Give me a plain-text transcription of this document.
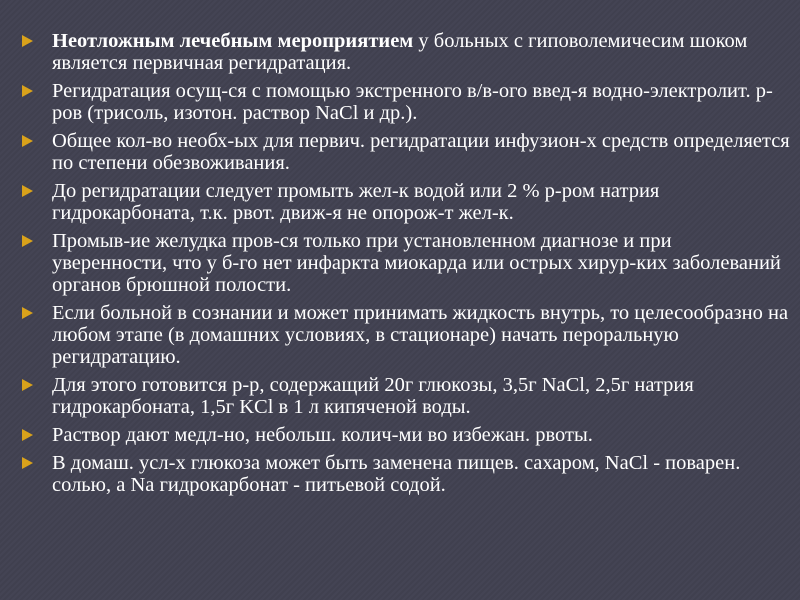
Неотложным лечебным мероприятием у больных с гиповолемичесим шоком является первичная регидратация.
Регидратация осущ-ся с помощью экстренного в/в-ого введ-я водно-электролит. р-ров (трисоль, изотон. раствор NaCl и др.).
Общее кол-во необх-ых для первич. регидратации инфузион-х средств определяется по степени обезвоживания.
До регидратации следует промыть жел-к водой или 2 % р-ром натрия гидрокарбоната, т.к. рвот. движ-я не опорож-т жел-к.
Промыв-ие желудка пров-ся только при установленном диагнозе и при уверенности, что у б-го нет инфаркта миокарда или острых хирур-ких заболеваний органов брюшной полости.
Если больной в сознании и может принимать жидкость внутрь, то целесообразно на любом этапе (в домашних условиях, в стационаре) начать пероральную регидратацию.
Для этого готовится р-р, содержащий 20г глюкозы, 3,5г NaCl, 2,5г натрия гидрокарбоната, 1,5г KCl в 1 л кипяченой воды.
Раствор дают медл-но, небольш. колич-ми во избежан. рвоты.
В домаш. усл-х глюкоза может быть заменена пищев. сахаром, NaCl - поварен. солью, а Na гидрокарбонат - питьевой содой.
